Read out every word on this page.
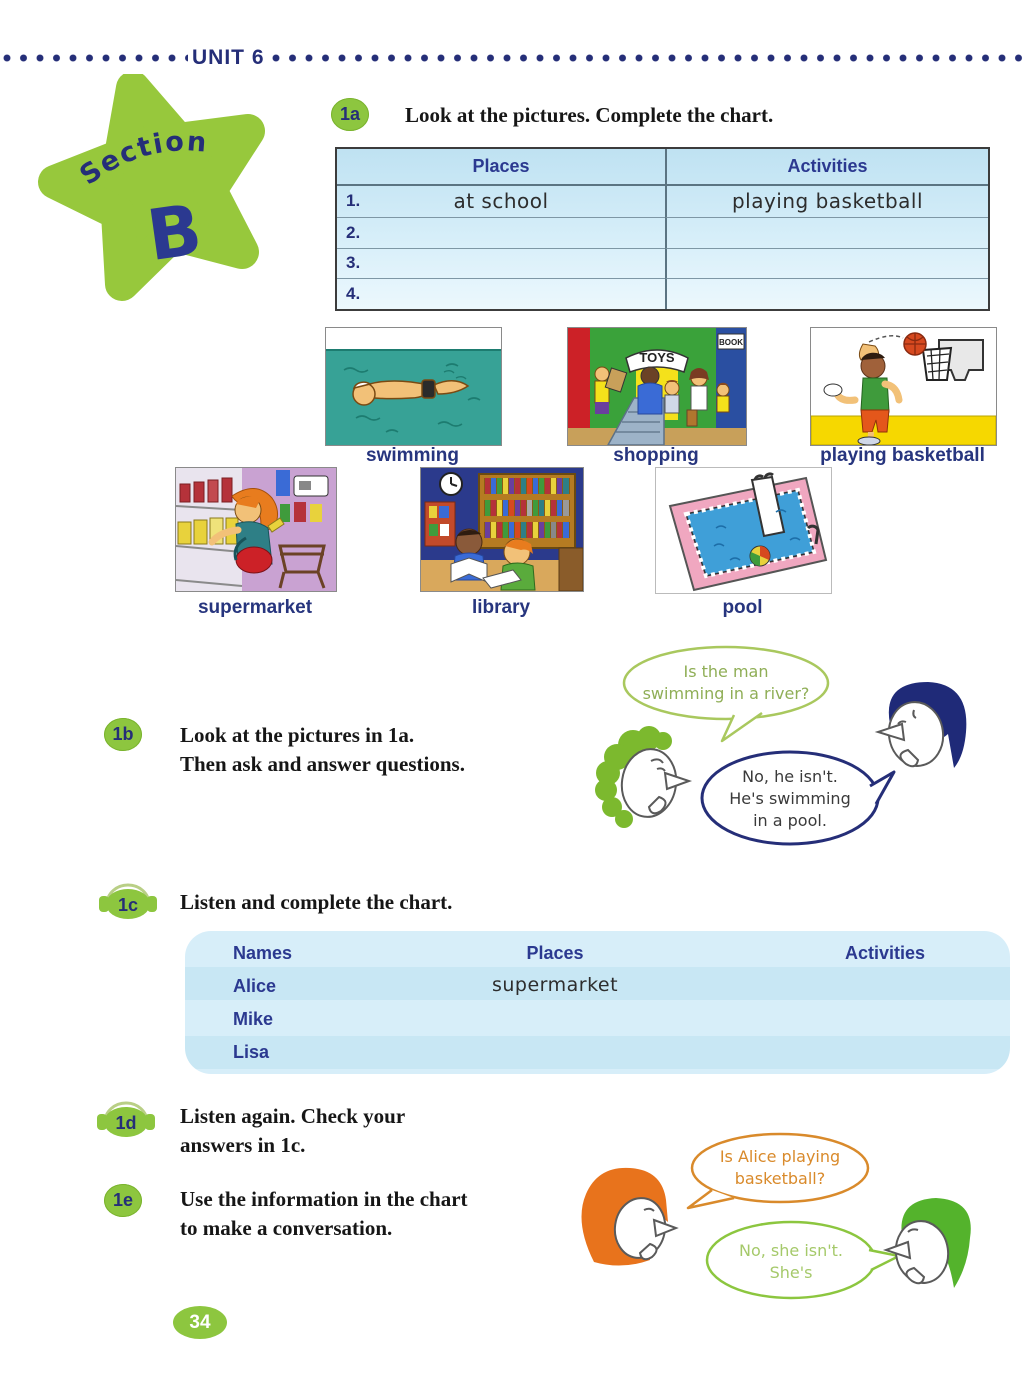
UNIT 6
Section
B
1a	Look at the pictures. Complete the chart.
Places	Activities
1.	at school	playing basketball
2.
3.
4.
BOOK
TOYS
swimming	shopping	playing basketball
supermarket	library	pool
Is the man
swimming in a river?
No, he isn't.
He's swimming
in a pool.
1b	Look at the pictures in 1a.
Then ask and answer questions.
1c Listen and complete the chart.
Names	Places	Activities
Alice	supermarket
Mike
Lisa
1d Listen again. Check your
answers in 1c.
1e	Use the information in the chart
to make a conversation.
Is Alice playing
basketball?
No, she isn't.
She's
34
